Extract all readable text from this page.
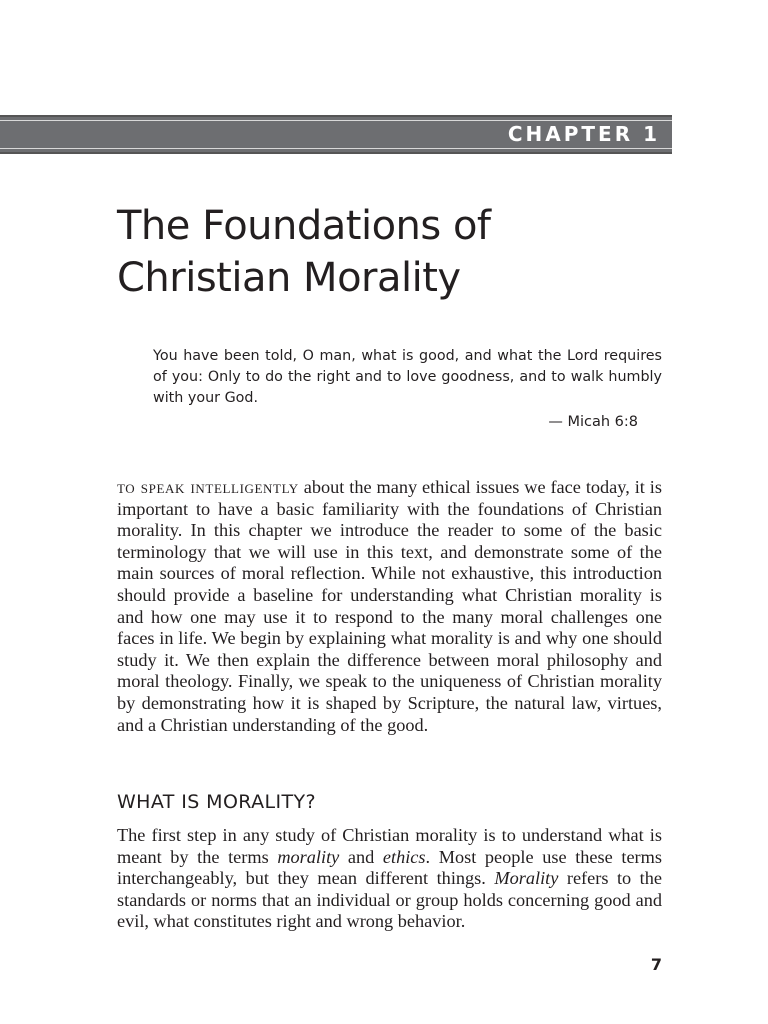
CHAPTER 1
The Foundations of
Christian Morality

You have been told, O man, what is good, and what the Lord requires of you: Only to do the right and to love goodness, and to walk humbly with your God.

— Micah 6:8

to speak intelligently about the many ethical issues we face today, it is important to have a basic familiarity with the foundations of Christian morality. In this chapter we introduce the reader to some of the basic terminology that we will use in this text, and demonstrate some of the main sources of moral reflection. While not exhaustive, this introduction should provide a baseline for understanding what Christian morality is and how one may use it to respond to the many moral challenges one faces in life. We begin by explaining what morality is and why one should study it. We then explain the difference between moral philosophy and moral theology. Finally, we speak to the uniqueness of Christian morality by demonstrating how it is shaped by Scripture, the natural law, virtues, and a Christian understanding of the good.

WHAT IS MORALITY?

The first step in any study of Christian morality is to understand what is meant by the terms morality and ethics. Most people use these terms interchangeably, but they mean different things. Morality refers to the standards or norms that an individual or group holds concerning good and evil, what constitutes right and wrong behavior.

7
